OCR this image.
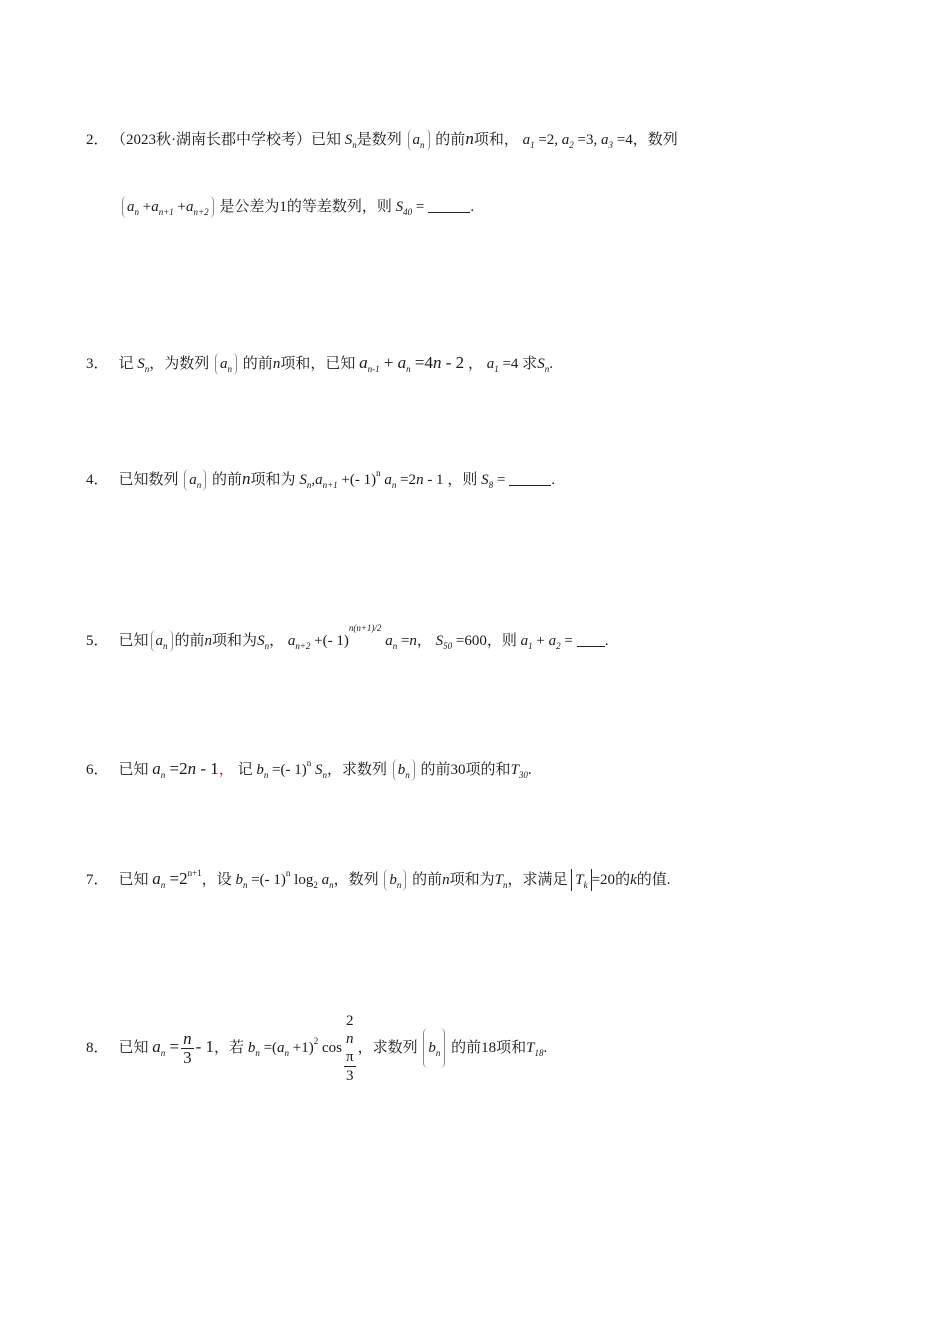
2． （2023秋·湖南长郡中学校考）已知 $S_n$是数列 $a_n$ 的前n项和， $a_1 =2$, $a_2 =3$, $a_3 =4$，数列
$a_n +a_{n+1} +a_{n+2}$ 是公差为1的等差数列，则 $S_{40}$ =	.
3． 记 $S_n$，为数列 $a_n$ 的前n项和，已知 $a_{n-1} + a_n =4n - 2$ ， $a_1 =4$ 求$S_n$.
4． 已知数列 $a_n$ 的前n项和为 $S_n,a_{n+1}$ +(- 1)$^n$ $a_n =2n - 1$ ，则 $S_8$ =	.
5． 已知 $a_n$ 的前n项和为$S_n$， $a_{n+2}$ +(- 1)$^{n(n+1)/2}$ $a_n =n$， $S_{50} =600$，则 $a_1 + a_2$ = .
6． 已知 $a_n =2n - 1$， 记 $b_n$ =(- 1)$^n$ $S_n$，求数列 $b_n$ 的前30项的和$T_{30}$.
7． 已知 $a_n =2^{n+1}$，设 $b_n$ =(- 1)$^n$ $\log_2 a_n$，数列 $b_n$ 的前n项和为$T_n$，求满足 $T_k =20$的k的值.
8． 已知 $a_n = \frac{n}{3} - 1$，若 $b_n =(a_n +1)^2$ cos 2
n
π
3 ，求数列 $b_n$ 的前18项和$T_{18}$.
